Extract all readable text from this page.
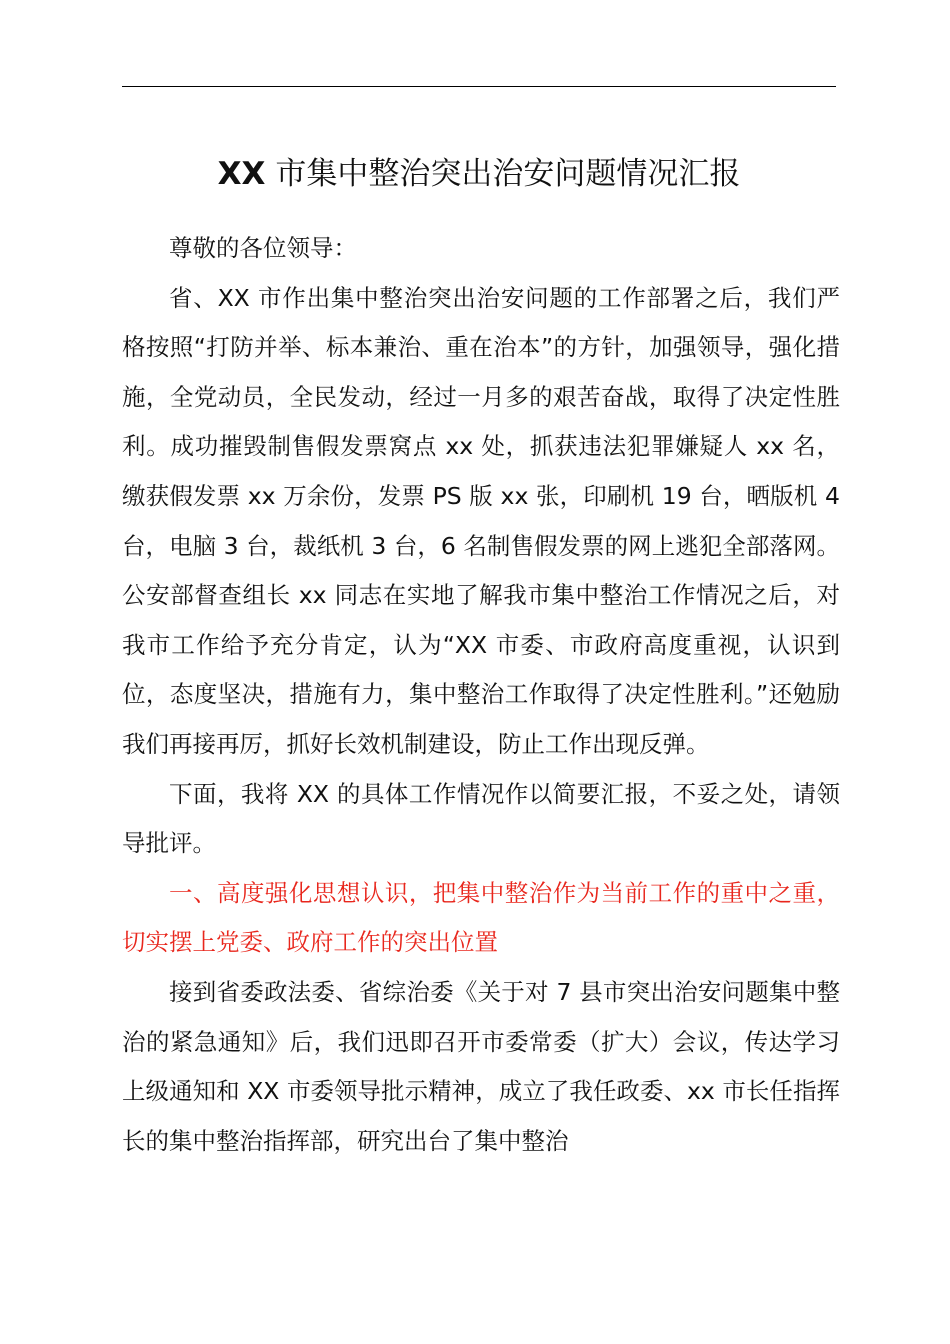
XX 市集中整治突出治安问题情况汇报

尊敬的各位领导：

省、XX 市作出集中整治突出治安问题的工作部署之后，我们严格按照“打防并举、标本兼治、重在治本”的方针，加强领导，强化措施，全党动员，全民发动，经过一月多的艰苦奋战，取得了决定性胜利。成功摧毁制售假发票窝点 xx 处，抓获违法犯罪嫌疑人 xx 名，缴获假发票 xx 万余份，发票 PS 版 xx 张，印刷机 19 台，晒版机 4 台，电脑 3 台，裁纸机 3 台，6 名制售假发票的网上逃犯全部落网。公安部督查组长 xx 同志在实地了解我市集中整治工作情况之后，对我市工作给予充分肯定，认为“XX 市委、市政府高度重视，认识到位，态度坚决，措施有力，集中整治工作取得了决定性胜利。”还勉励我们再接再厉，抓好长效机制建设，防止工作出现反弹。

下面，我将 XX 的具体工作情况作以简要汇报，不妥之处，请领导批评。

一、高度强化思想认识，把集中整治作为当前工作的重中之重，切实摆上党委、政府工作的突出位置

接到省委政法委、省综治委《关于对 7 县市突出治安问题集中整治的紧急通知》后，我们迅即召开市委常委（扩大）会议，传达学习上级通知和 XX 市委领导批示精神，成立了我任政委、xx 市长任指挥长的集中整治指挥部，研究出台了集中整治
